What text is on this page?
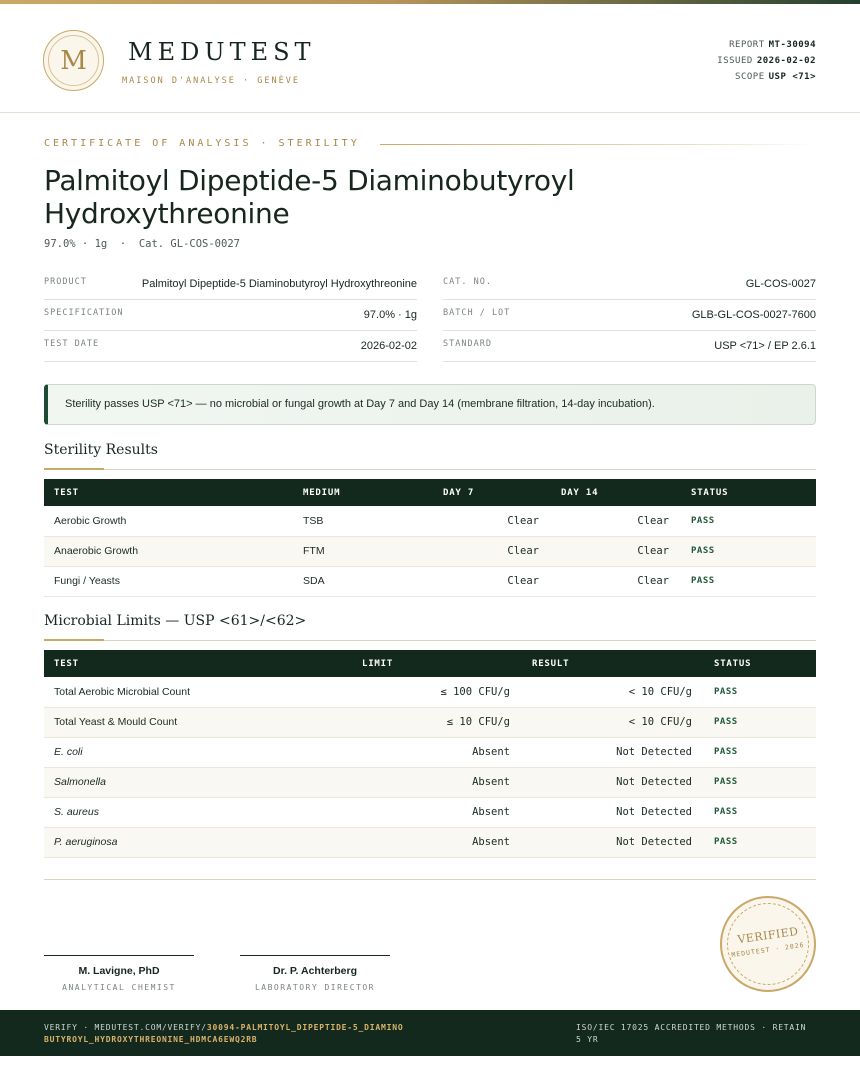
M	MEDUTEST
MAISON D'ANALYSE · GENÈVE
REPORT MT-30094
ISSUED 2026-02-02
SCOPE USP <71>
CERTIFICATE OF ANALYSIS · STERILITY
Palmitoyl Dipeptide-5 Diaminobutyroyl Hydroxythreonine
97.0% · 1g  ·  Cat. GL-COS-0027
PRODUCT	Palmitoyl Dipeptide-5 Diaminobutyroyl Hydroxythreonine
SPECIFICATION	97.0% · 1g
TEST DATE	2026-02-02
CAT. NO.	GL-COS-0027
BATCH / LOT	GLB-GL-COS-0027-7600
STANDARD	USP <71> / EP 2.6.1
Sterility passes USP <71> — no microbial or fungal growth at Day 7 and Day 14 (membrane filtration, 14-day incubation).
Sterility Results
TEST	MEDIUM	DAY 7	DAY 14	STATUS
Aerobic Growth	TSB	Clear	Clear	PASS
Anaerobic Growth	FTM	Clear	Clear	PASS
Fungi / Yeasts	SDA	Clear	Clear	PASS
Microbial Limits — USP <61>/<62>
TEST	LIMIT	RESULT	STATUS
Total Aerobic Microbial Count	≤ 100 CFU/g	< 10 CFU/g	PASS
Total Yeast & Mould Count	≤ 10 CFU/g	< 10 CFU/g	PASS
E. coli	Absent	Not Detected	PASS
Salmonella	Absent	Not Detected	PASS
S. aureus	Absent	Not Detected	PASS
P. aeruginosa	Absent	Not Detected	PASS
M. Lavigne, PhD
ANALYTICAL CHEMIST
Dr. P. Achterberg
LABORATORY DIRECTOR
VERIFIED
MEDUTEST · 2026
VERIFY · MEDUTEST.COM/VERIFY/30094-PALMITOYL_DIPEPTIDE-5_DIAMINOBUTYROYL_HYDROXYTHREONINE_HDMCA6EWQ2RB
ISO/IEC 17025 ACCREDITED METHODS · RETAIN 5 YR
